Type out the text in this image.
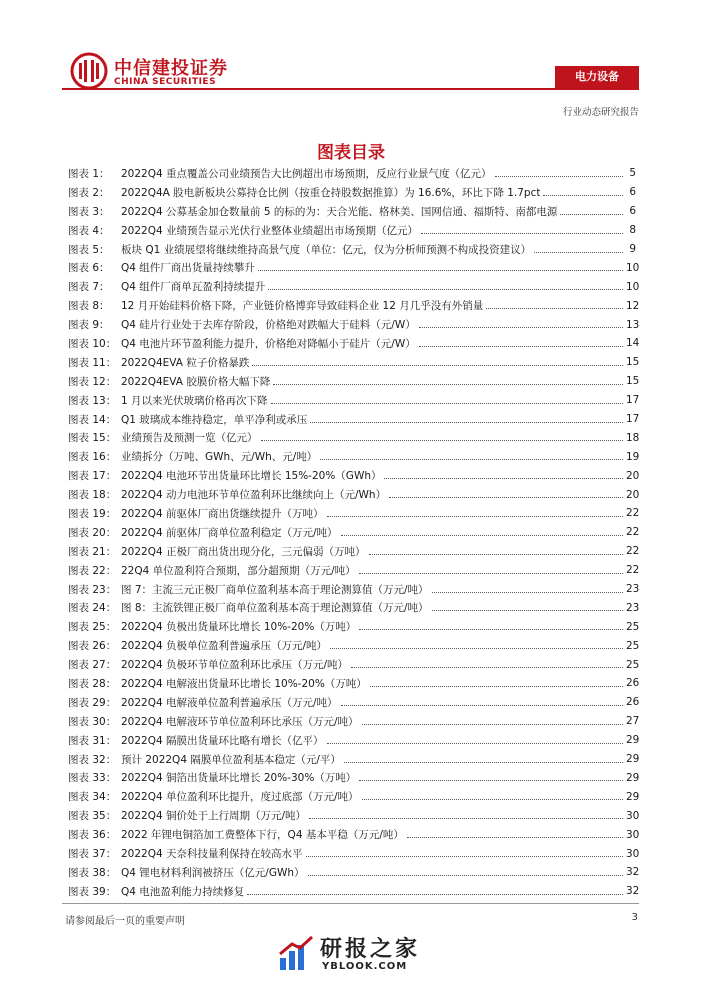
中信建投证券
CHINA SECURITIES	电力设备
行业动态研究报告
图表目录
图表 1：	2022Q4 重点覆盖公司业绩预告大比例超出市场预期，反应行业景气度（亿元）	5
图表 2：	2022Q4A 股电新板块公募持仓比例（按重仓持股数据推算）为 16.6%，环比下降 1.7pct	6
图表 3：	2022Q4 公募基金加仓数量前 5 的标的为：天合光能、格林美、国网信通、福斯特、南都电源	6
图表 4：	2022Q4 业绩预告显示光伏行业整体业绩超出市场预期（亿元）	8
图表 5：	板块 Q1 业绩展望将继续维持高景气度（单位：亿元，仅为分析师预测不构成投资建议）	9
图表 6：	Q4 组件厂商出货量持续攀升	10
图表 7：	Q4 组件厂商单瓦盈利持续提升	10
图表 8：	12 月开始硅料价格下降，产业链价格博弈导致硅料企业 12 月几乎没有外销量	12
图表 9：	Q4 硅片行业处于去库存阶段，价格绝对跌幅大于硅料（元/W）	13
图表 10： Q4 电池片环节盈利能力提升，价格绝对降幅小于硅片（元/W）	14
图表 11： 2022Q4EVA 粒子价格暴跌	15
图表 12： 2022Q4EVA 胶膜价格大幅下降	15
图表 13： 1 月以来光伏玻璃价格再次下降	17
图表 14： Q1 玻璃成本维持稳定，单平净利或承压	17
图表 15： 业绩预告及预测一览（亿元）	18
图表 16： 业绩拆分（万吨、GWh、元/Wh、元/吨）	19
图表 17： 2022Q4 电池环节出货量环比增长 15%-20%（GWh）	20
图表 18： 2022Q4 动力电池环节单位盈利环比继续向上（元/Wh）	20
图表 19： 2022Q4 前驱体厂商出货继续提升（万吨）	22
图表 20： 2022Q4 前驱体厂商单位盈利稳定（万元/吨）	22
图表 21： 2022Q4 正极厂商出货出现分化，三元偏弱（万吨）	22
图表 22： 22Q4 单位盈利符合预期，部分超预期（万元/吨）	22
图表 23： 图 7：主流三元正极厂商单位盈利基本高于理论测算值（万元/吨）	23
图表 24： 图 8：主流铁锂正极厂商单位盈利基本高于理论测算值（万元/吨）	23
图表 25： 2022Q4 负极出货量环比增长 10%-20%（万吨）	25
图表 26： 2022Q4 负极单位盈利普遍承压（万元/吨）	25
图表 27： 2022Q4 负极环节单位盈利环比承压（万元/吨）	25
图表 28： 2022Q4 电解液出货量环比增长 10%-20%（万吨）	26
图表 29： 2022Q4 电解液单位盈利普遍承压（万元/吨）	26
图表 30： 2022Q4 电解液环节单位盈利环比承压（万元/吨）	27
图表 31： 2022Q4 隔膜出货量环比略有增长（亿平）	29
图表 32： 预计 2022Q4 隔膜单位盈利基本稳定（元/平）	29
图表 33： 2022Q4 铜箔出货量环比增长 20%-30%（万吨）	29
图表 34： 2022Q4 单位盈利环比提升，度过底部（万元/吨）	29
图表 35： 2022Q4 铜价处于上行周期（万元/吨）	30
图表 36： 2022 年锂电铜箔加工费整体下行，Q4 基本平稳（万元/吨）	30
图表 37： 2022Q4 天奈科技量利保持在较高水平	30
图表 38： Q4 锂电材料利润被挤压（亿元/GWh）	32
图表 39： Q4 电池盈利能力持续修复	32
请参阅最后一页的重要声明	3
研报之家
YBLOOK.COM
